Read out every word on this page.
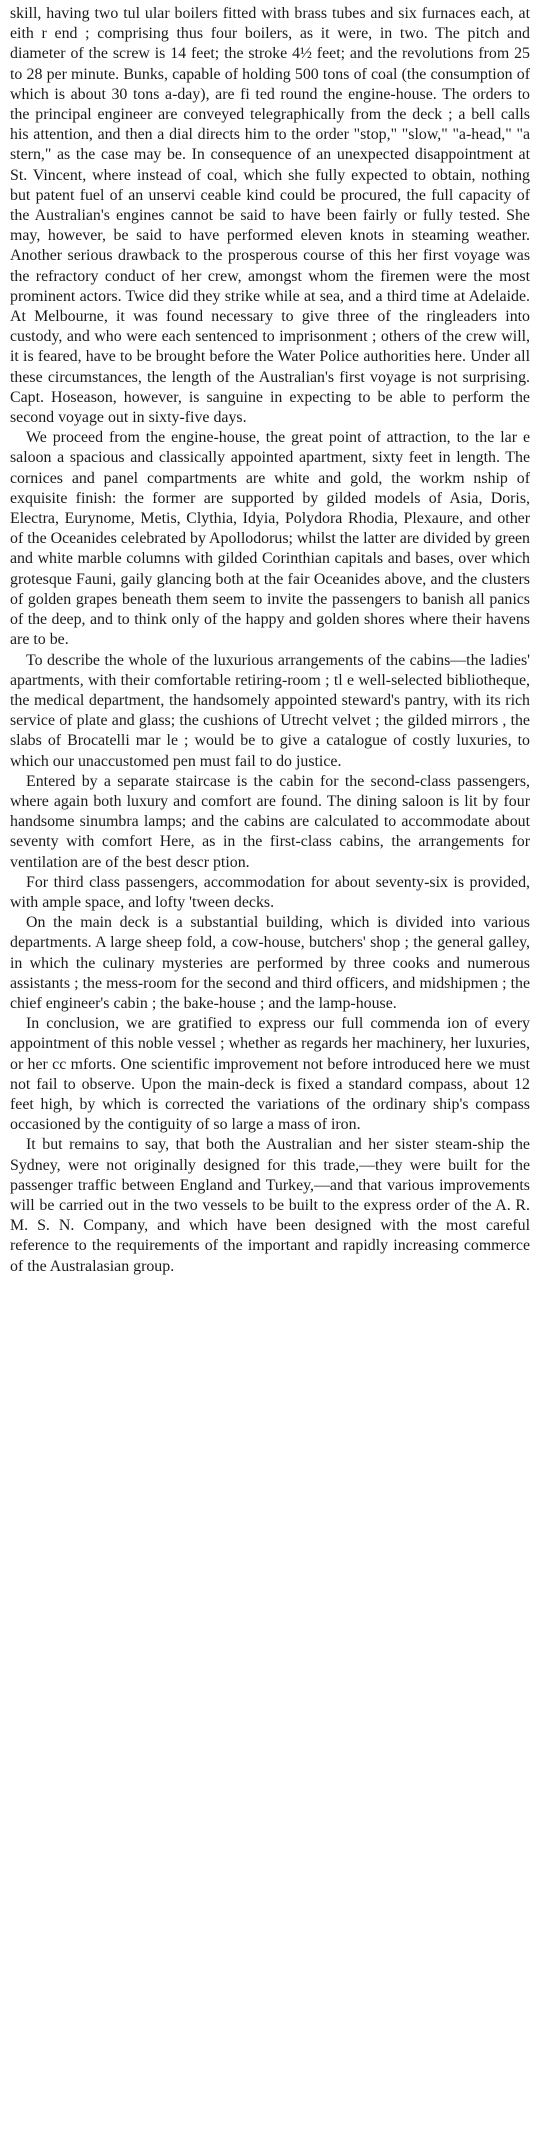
skill, having two tul ular boilers fitted with brass tubes and six furnaces each, at eith r end ; comprising thus four boilers, as it were, in two. The pitch and diameter of the screw is 14 feet; the stroke 4½ feet; and the revolutions from 25 to 28 per minute. Bunks, capable of holding 500 tons of coal (the consumption of which is about 30 tons a-day), are fi ted round the engine-house. The orders to the principal engineer are conveyed telegraphically from the deck ; a bell calls his attention, and then a dial directs him to the order "stop," "slow," "a-head," "a stern," as the case may be. In consequence of an unexpected disappointment at St. Vincent, where instead of coal, which she fully expected to obtain, nothing but patent fuel of an unservi ceable kind could be procured, the full capacity of the Australian's engines cannot be said to have been fairly or fully tested. She may, however, be said to have performed eleven knots in steaming weather. Another serious drawback to the prosperous course of this her first voyage was the refractory conduct of her crew, amongst whom the firemen were the most prominent actors. Twice did they strike while at sea, and a third time at Adelaide. At Melbourne, it was found necessary to give three of the ringleaders into custody, and who were each sentenced to imprisonment ; others of the crew will, it is feared, have to be brought before the Water Police authorities here. Under all these circumstances, the length of the Australian's first voyage is not surprising. Capt. Hoseason, however, is sanguine in expecting to be able to perform the second voyage out in sixty-five days.

We proceed from the engine-house, the great point of attraction, to the lar e saloon a spacious and classically appointed apartment, sixty feet in length. The cornices and panel compartments are white and gold, the workm nship of exquisite finish: the former are supported by gilded models of Asia, Doris, Electra, Eurynome, Metis, Clythia, Idyia, Polydora Rhodia, Plexaure, and other of the Oceanides celebrated by Apollodorus; whilst the latter are divided by green and white marble columns with gilded Corinthian capitals and bases, over which grotesque Fauni, gaily glancing both at the fair Oceanides above, and the clusters of golden grapes beneath them seem to invite the passengers to banish all panics of the deep, and to think only of the happy and golden shores where their havens are to be.

To describe the whole of the luxurious arrangements of the cabins—the ladies' apartments, with their comfortable retiring-room ; tl e well-selected bibliotheque, the medical department, the handsomely appointed steward's pantry, with its rich service of plate and glass; the cushions of Utrecht velvet ; the gilded mirrors , the slabs of Brocatelli mar le ; would be to give a catalogue of costly luxuries, to which our unaccustomed pen must fail to do justice.

Entered by a separate staircase is the cabin for the second-class passengers, where again both luxury and comfort are found. The dining saloon is lit by four handsome sinumbra lamps; and the cabins are calculated to accommodate about seventy with comfort Here, as in the first-class cabins, the arrangements for ventilation are of the best descr ption.

For third class passengers, accommodation for about seventy-six is provided, with ample space, and lofty 'tween decks.

On the main deck is a substantial building, which is divided into various departments. A large sheep fold, a cow-house, butchers' shop ; the general galley, in which the culinary mysteries are performed by three cooks and numerous assistants ; the mess-room for the second and third officers, and midshipmen ; the chief engineer's cabin ; the bake-house ; and the lamp-house.

In conclusion, we are gratified to express our full commenda ion of every appointment of this noble vessel ; whether as regards her machinery, her luxuries, or her cc mforts. One scientific improvement not before introduced here we must not fail to observe. Upon the main-deck is fixed a standard compass, about 12 feet high, by which is corrected the variations of the ordinary ship's compass occasioned by the contiguity of so large a mass of iron.

It but remains to say, that both the Australian and her sister steam-ship the Sydney, were not originally designed for this trade,—they were built for the passenger traffic between England and Turkey,—and that various improvements will be carried out in the two vessels to be built to the express order of the A. R. M. S. N. Company, and which have been designed with the most careful reference to the requirements of the important and rapidly increasing commerce of the Australasian group.
